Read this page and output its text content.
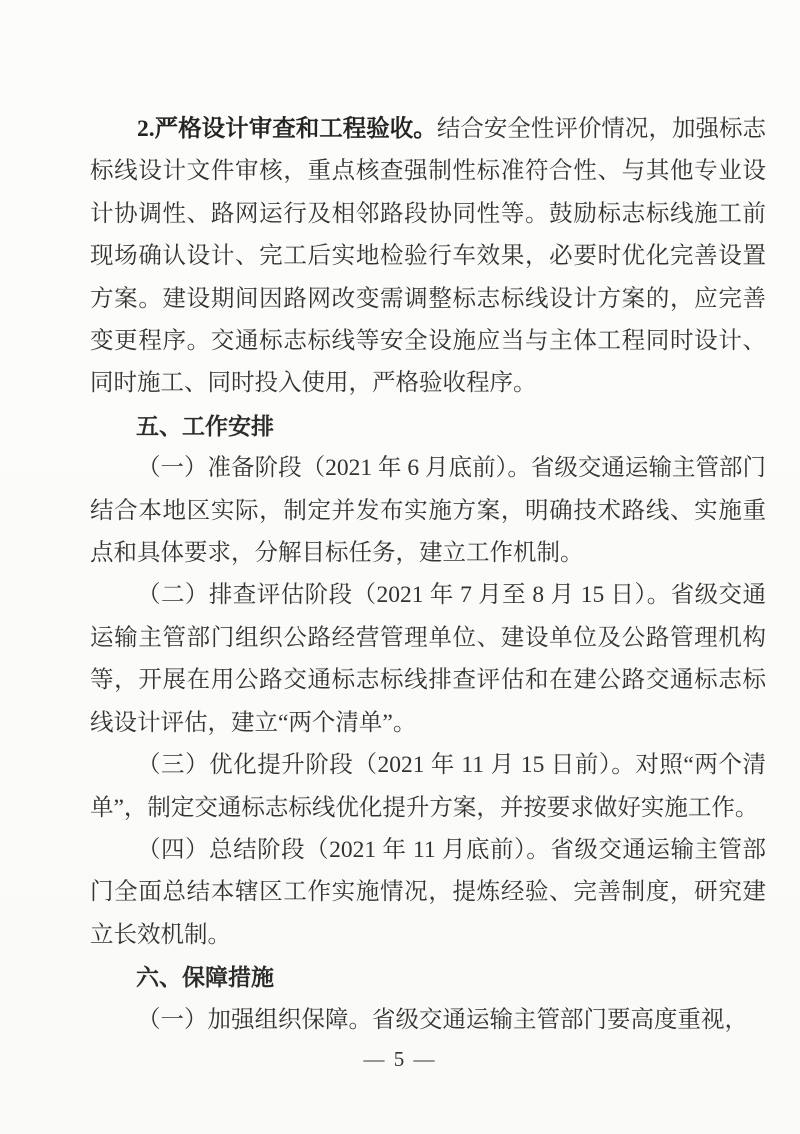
2.严格设计审查和工程验收。结合安全性评价情况，加强标志标线设计文件审核，重点核查强制性标准符合性、与其他专业设计协调性、路网运行及相邻路段协同性等。鼓励标志标线施工前现场确认设计、完工后实地检验行车效果，必要时优化完善设置方案。建设期间因路网改变需调整标志标线设计方案的，应完善变更程序。交通标志标线等安全设施应当与主体工程同时设计、同时施工、同时投入使用，严格验收程序。

五、工作安排

（一）准备阶段（2021 年 6 月底前）。省级交通运输主管部门结合本地区实际，制定并发布实施方案，明确技术路线、实施重点和具体要求，分解目标任务，建立工作机制。

（二）排查评估阶段（2021 年 7 月至 8 月 15 日）。省级交通运输主管部门组织公路经营管理单位、建设单位及公路管理机构等，开展在用公路交通标志标线排查评估和在建公路交通标志标线设计评估，建立“两个清单”。

（三）优化提升阶段（2021 年 11 月 15 日前）。对照“两个清单”，制定交通标志标线优化提升方案，并按要求做好实施工作。

（四）总结阶段（2021 年 11 月底前）。省级交通运输主管部门全面总结本辖区工作实施情况，提炼经验、完善制度，研究建立长效机制。

六、保障措施

（一）加强组织保障。省级交通运输主管部门要高度重视，

— 5 —
